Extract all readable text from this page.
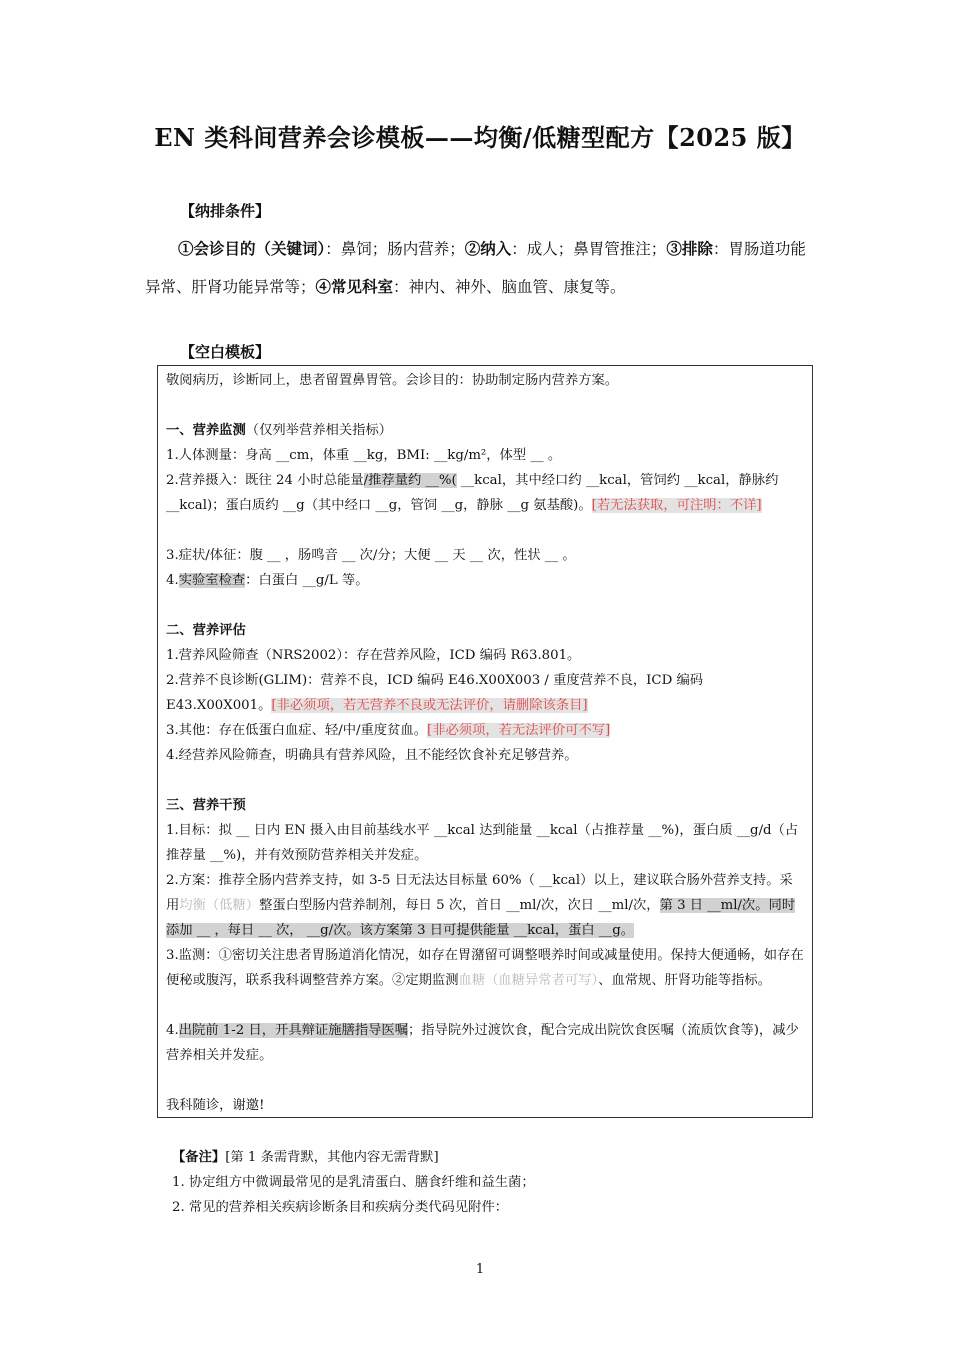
EN 类科间营养会诊模板——均衡/低糖型配方【2025 版】
【纳排条件】
①会诊目的（关键词）：鼻饲；肠内营养；②纳入：成人；鼻胃管推注；③排除：胃肠道功能异常、肝肾功能异常等；④常见科室：神内、神外、脑血管、康复等。
【空白模板】
敬阅病历，诊断同上，患者留置鼻胃管。会诊目的：协助制定肠内营养方案。
一、营养监测（仅列举营养相关指标）
1.人体测量：身高 __cm，体重 __kg，BMI: __kg/m²，体型 __ 。
2.营养摄入：既往 24 小时总能量/推荐量约 __%( __kcal，其中经口约 __kcal，管饲约 __kcal，静脉约 __kcal)；蛋白质约 __g（其中经口 __g，管饲 __g，静脉 __g 氨基酸)。[若无法获取，可注明：不详]
3.症状/体征：腹 __ ，肠鸣音 __ 次/分；大便 __ 天 __ 次，性状 __ 。
4.实验室检查：白蛋白 __g/L 等。
二、营养评估
1.营养风险筛查（NRS2002）：存在营养风险，ICD 编码 R63.801。
2.营养不良诊断(GLIM)：营养不良，ICD 编码 E46.X00X003 / 重度营养不良，ICD 编码 E43.X00X001。[非必须项，若无营养不良或无法评价，请删除该条目]
3.其他：存在低蛋白血症、轻/中/重度贫血。[非必须项，若无法评价可不写]
4.经营养风险筛查，明确具有营养风险，且不能经饮食补充足够营养。
三、营养干预
1.目标：拟 __ 日内 EN 摄入由目前基线水平 __kcal 达到能量 __kcal（占推荐量 __%)，蛋白质 __g/d（占推荐量 __%)，并有效预防营养相关并发症。
2.方案：推荐全肠内营养支持，如 3-5 日无法达目标量 60%（ __kcal）以上，建议联合肠外营养支持。采用均衡（低糖）整蛋白型肠内营养制剂，每日 5 次，首日 __ml/次，次日 __ml/次，第 3 日 __ml/次。同时添加 __ ，每日 __ 次， __g/次。该方案第 3 日可提供能量 __kcal，蛋白 __g。
3.监测：①密切关注患者胃肠道消化情况，如存在胃潴留可调整喂养时间或减量使用。保持大便通畅，如存在便秘或腹泻，联系我科调整营养方案。②定期监测血糖（血糖异常者可写）、血常规、肝肾功能等指标。
4.出院前 1-2 日，开具辩证施膳指导医嘱；指导院外过渡饮食，配合完成出院饮食医嘱（流质饮食等)，减少营养相关并发症。
我科随诊，谢邀!
【备注】[第 1 条需背默，其他内容无需背默]
1. 协定组方中微调最常见的是乳清蛋白、膳食纤维和益生菌；
2. 常见的营养相关疾病诊断条目和疾病分类代码见附件：
1
